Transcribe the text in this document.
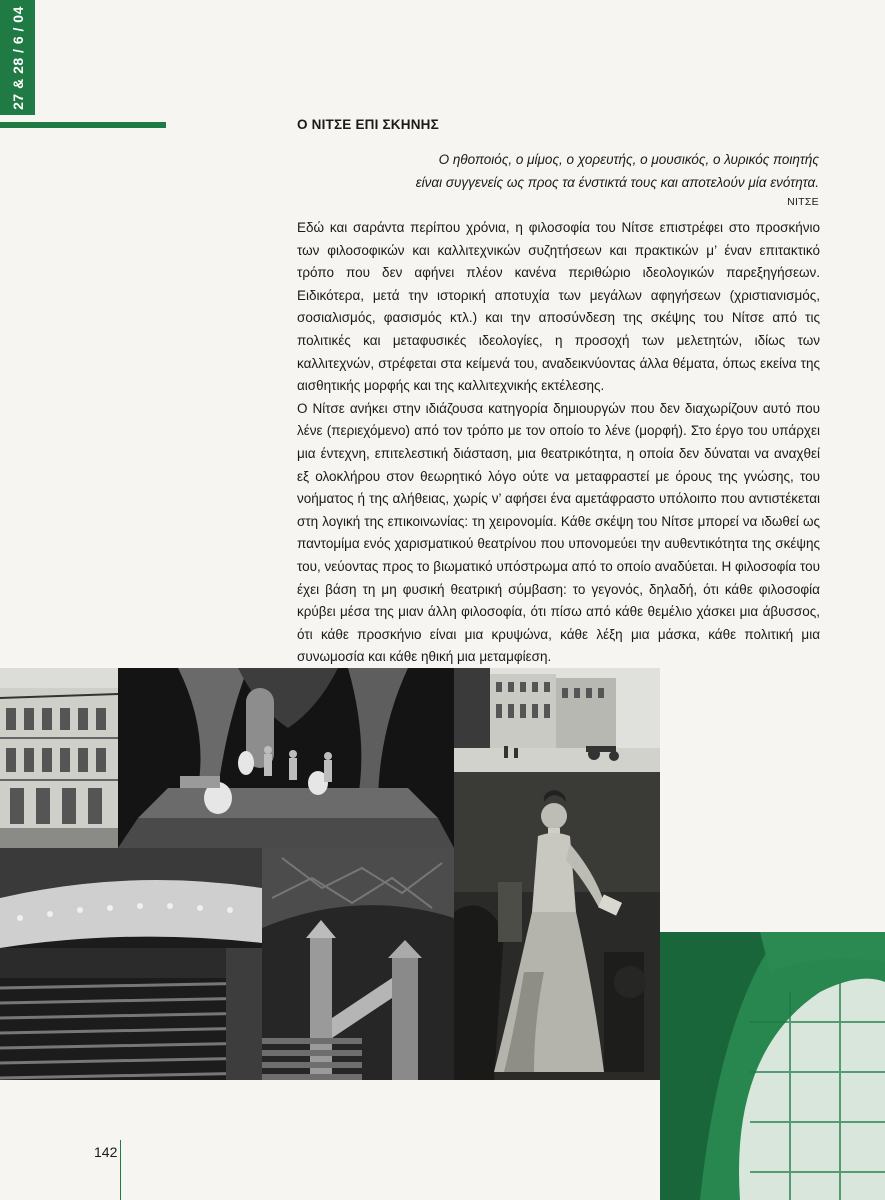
27 & 28 / 6 / 04
Ο ΝΙΤΣΕ ΕΠΙ ΣΚΗΝΗΣ
Ο ηθοποιός, ο μίμος, ο χορευτής, ο μουσικός, ο λυρικός ποιητής
είναι συγγενείς ως προς τα ένστικτά τους και αποτελούν μία ενότητα.
ΝΙΤΣΕ

Εδώ και σαράντα περίπου χρόνια, η φιλοσοφία του Νίτσε επιστρέφει στο προσκήνιο των φιλοσοφικών και καλλιτεχνικών συζητήσεων και πρακτικών μ’ έναν επιτακτικό τρόπο που δεν αφήνει πλέον κανένα περιθώριο ιδεολογικών παρεξηγήσεων. Ειδικότερα, μετά την ιστορική αποτυχία των μεγάλων αφηγήσεων (χριστιανισμός, σοσιαλισμός, φασισμός κτλ.) και την αποσύνδεση της σκέψης του Νίτσε από τις πολιτικές και μεταφυσικές ιδεολογίες, η προσοχή των μελετητών, ιδίως των καλλιτεχνών, στρέφεται στα κείμενά του, αναδεικνύοντας άλλα θέματα, όπως εκείνα της αισθητικής μορφής και της καλλιτεχνικής εκτέλεσης.

Ο Νίτσε ανήκει στην ιδιάζουσα κατηγορία δημιουργών που δεν διαχωρίζουν αυτό που λένε (περιεχόμενο) από τον τρόπο με τον οποίο το λένε (μορφή). Στο έργο του υπάρχει μια έντεχνη, επιτελεστική διάσταση, μια θεατρικότητα, η οποία δεν δύναται να αναχθεί εξ ολοκλήρου στον θεωρητικό λόγο ούτε να μεταφραστεί με όρους της γνώσης, του νοήματος ή της αλήθειας, χωρίς ν’ αφήσει ένα αμετάφραστο υπόλοιπο που αντιστέκεται στη λογική της επικοινωνίας: τη χειρονομία. Κάθε σκέψη του Νίτσε μπορεί να ιδωθεί ως παντομίμα ενός χαρισματικού θεατρίνου που υπονομεύει την αυθεντικότητα της σκέψης του, νεύοντας προς το βιωματικό υπόστρωμα από το οποίο αναδύεται. Η φιλοσοφία του έχει βάση τη μη φυσική θεατρική σύμβαση: το γεγονός, δηλαδή, ότι κάθε φιλοσοφία κρύβει μέσα της μιαν άλλη φιλοσοφία, ότι πίσω από κάθε θεμέλιο χάσκει μια άβυσσος, ότι κάθε προσκήνιο είναι μια κρυψώνα, κάθε λέξη μια μάσκα, κάθε πολιτική μια συνωμοσία και κάθε ηθική μια μεταμφίεση.

142
